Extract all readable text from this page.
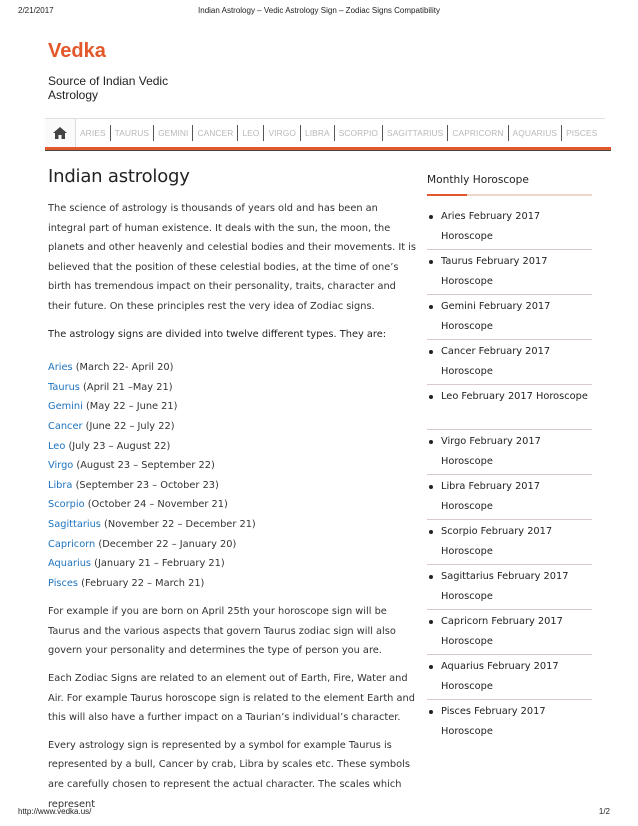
2/21/2017	Indian Astrology – Vedic Astrology Sign – Zodiac Signs Compatibility
Vedka
Source of Indian Vedic Astrology
ARIES	TAURUS	GEMINI	CANCER	LEO	VIRGO	LIBRA	SCORPIO	SAGITTARIUS	CAPRICORN	AQUARIUS	PISCES
Indian astrology

The science of astrology is thousands of years old and has been an integral part of human existence. It deals with the sun, the moon, the planets and other heavenly and celestial bodies and their movements. It is believed that the position of these celestial bodies, at the time of one’s birth has tremendous impact on their personality, traits, character and their future. On these principles rest the very idea of Zodiac signs.

The astrology signs are divided into twelve different types. They are:

Aries (March 22- April 20)
Taurus (April 21 –May 21)
Gemini (May 22 – June 21)
Cancer (June 22 – July 22)
Leo (July 23 – August 22)
Virgo (August 23 – September 22)
Libra (September 23 – October 23)
Scorpio (October 24 – November 21)
Sagittarius (November 22 – December 21)
Capricorn (December 22 – January 20)
Aquarius (January 21 – February 21)
Pisces (February 22 – March 21)

For example if you are born on April 25th your horoscope sign will be Taurus and the various aspects that govern Taurus zodiac sign will also govern your personality and determines the type of person you are.

Each Zodiac Signs are related to an element out of Earth, Fire, Water and Air. For example Taurus horoscope sign is related to the element Earth and this will also have a further impact on a Taurian’s individual’s character.

Every astrology sign is represented by a symbol for example Taurus is represented by a bull, Cancer by crab, Libra by scales etc. These symbols are carefully chosen to represent the actual character. The scales which represent

Monthly Horoscope
Aries February 2017 Horoscope
Taurus February 2017 Horoscope
Gemini February 2017 Horoscope
Cancer February 2017 Horoscope
Leo February 2017 Horoscope
Virgo February 2017 Horoscope
Libra February 2017 Horoscope
Scorpio February 2017 Horoscope
Sagittarius February 2017 Horoscope
Capricorn February 2017 Horoscope
Aquarius February 2017 Horoscope
Pisces February 2017 Horoscope
http://www.vedka.us/	1/2
